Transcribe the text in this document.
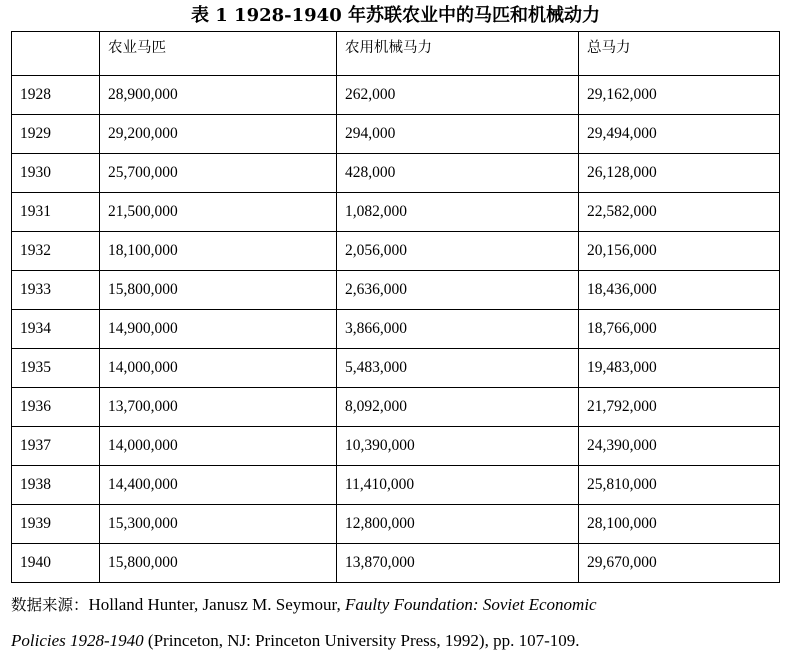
表 1 1928-1940 年苏联农业中的马匹和机械动力
	农业马匹	农用机械马力	总马力
1928	28,900,000	262,000	29,162,000
1929	29,200,000	294,000	29,494,000
1930	25,700,000	428,000	26,128,000
1931	21,500,000	1,082,000	22,582,000
1932	18,100,000	2,056,000	20,156,000
1933	15,800,000	2,636,000	18,436,000
1934	14,900,000	3,866,000	18,766,000
1935	14,000,000	5,483,000	19,483,000
1936	13,700,000	8,092,000	21,792,000
1937	14,000,000	10,390,000	24,390,000
1938	14,400,000	11,410,000	25,810,000
1939	15,300,000	12,800,000	28,100,000
1940	15,800,000	13,870,000	29,670,000
数据来源：Holland Hunter, Janusz M. Seymour, Faulty Foundation: Soviet Economic
Policies 1928-1940 (Princeton, NJ: Princeton University Press, 1992), pp. 107-109.
